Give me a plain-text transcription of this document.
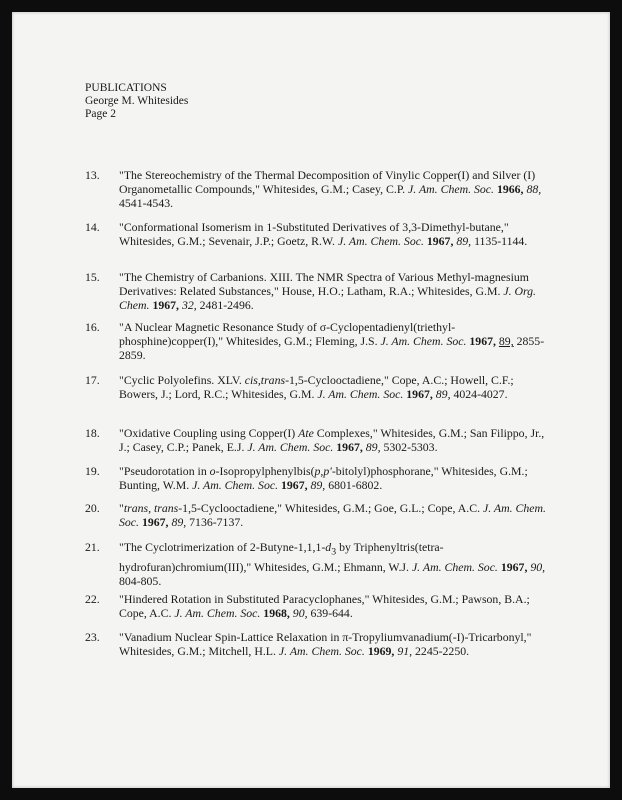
PUBLICATIONS
George M. Whitesides
Page 2
13.	"The Stereochemistry of the Thermal Decomposition of Vinylic Copper(I) and Silver (I) Organometallic Compounds," Whitesides, G.M.; Casey, C.P. J. Am. Chem. Soc. 1966, 88, 4541-4543.
14.	"Conformational Isomerism in 1-Substituted Derivatives of 3,3-Dimethyl-butane," Whitesides, G.M.; Sevenair, J.P.; Goetz, R.W. J. Am. Chem. Soc. 1967, 89, 1135-1144.
15.	"The Chemistry of Carbanions. XIII. The NMR Spectra of Various Methyl-magnesium Derivatives: Related Substances," House, H.O.; Latham, R.A.; Whitesides, G.M. J. Org. Chem. 1967, 32, 2481-2496.
16.	"A Nuclear Magnetic Resonance Study of σ-Cyclopentadienyl(triethyl-phosphine)copper(I)," Whitesides, G.M.; Fleming, J.S. J. Am. Chem. Soc. 1967, 89, 2855-2859.
17.	"Cyclic Polyolefins. XLV. cis,trans-1,5-Cyclooctadiene," Cope, A.C.; Howell, C.F.; Bowers, J.; Lord, R.C.; Whitesides, G.M. J. Am. Chem. Soc. 1967, 89, 4024-4027.
18.	"Oxidative Coupling using Copper(I) Ate Complexes," Whitesides, G.M.; San Filippo, Jr., J.; Casey, C.P.; Panek, E.J. J. Am. Chem. Soc. 1967, 89, 5302-5303.
19.	"Pseudorotation in o-Isopropylphenylbis(p,p'-bitolyl)phosphorane," Whitesides, G.M.; Bunting, W.M. J. Am. Chem. Soc. 1967, 89, 6801-6802.
20.	"trans, trans-1,5-Cyclooctadiene," Whitesides, G.M.; Goe, G.L.; Cope, A.C. J. Am. Chem. Soc. 1967, 89, 7136-7137.
21.	"The Cyclotrimerization of $2-Butyne-1,1,1-d_3$ by Triphenyltris(tetra-hydrofuran)chromium(III)," Whitesides, G.M.; Ehmann, W.J. J. Am. Chem. Soc. 1967, 90, 804-805.
22.	"Hindered Rotation in Substituted Paracyclophanes," Whitesides, G.M.; Pawson, B.A.; Cope, A.C. J. Am. Chem. Soc. 1968, 90, 639-644.
23.	"Vanadium Nuclear Spin-Lattice Relaxation in π-Tropyliumvanadium(-I)-Tricarbonyl," Whitesides, G.M.; Mitchell, H.L. J. Am. Chem. Soc. 1969, 91, 2245-2250.
